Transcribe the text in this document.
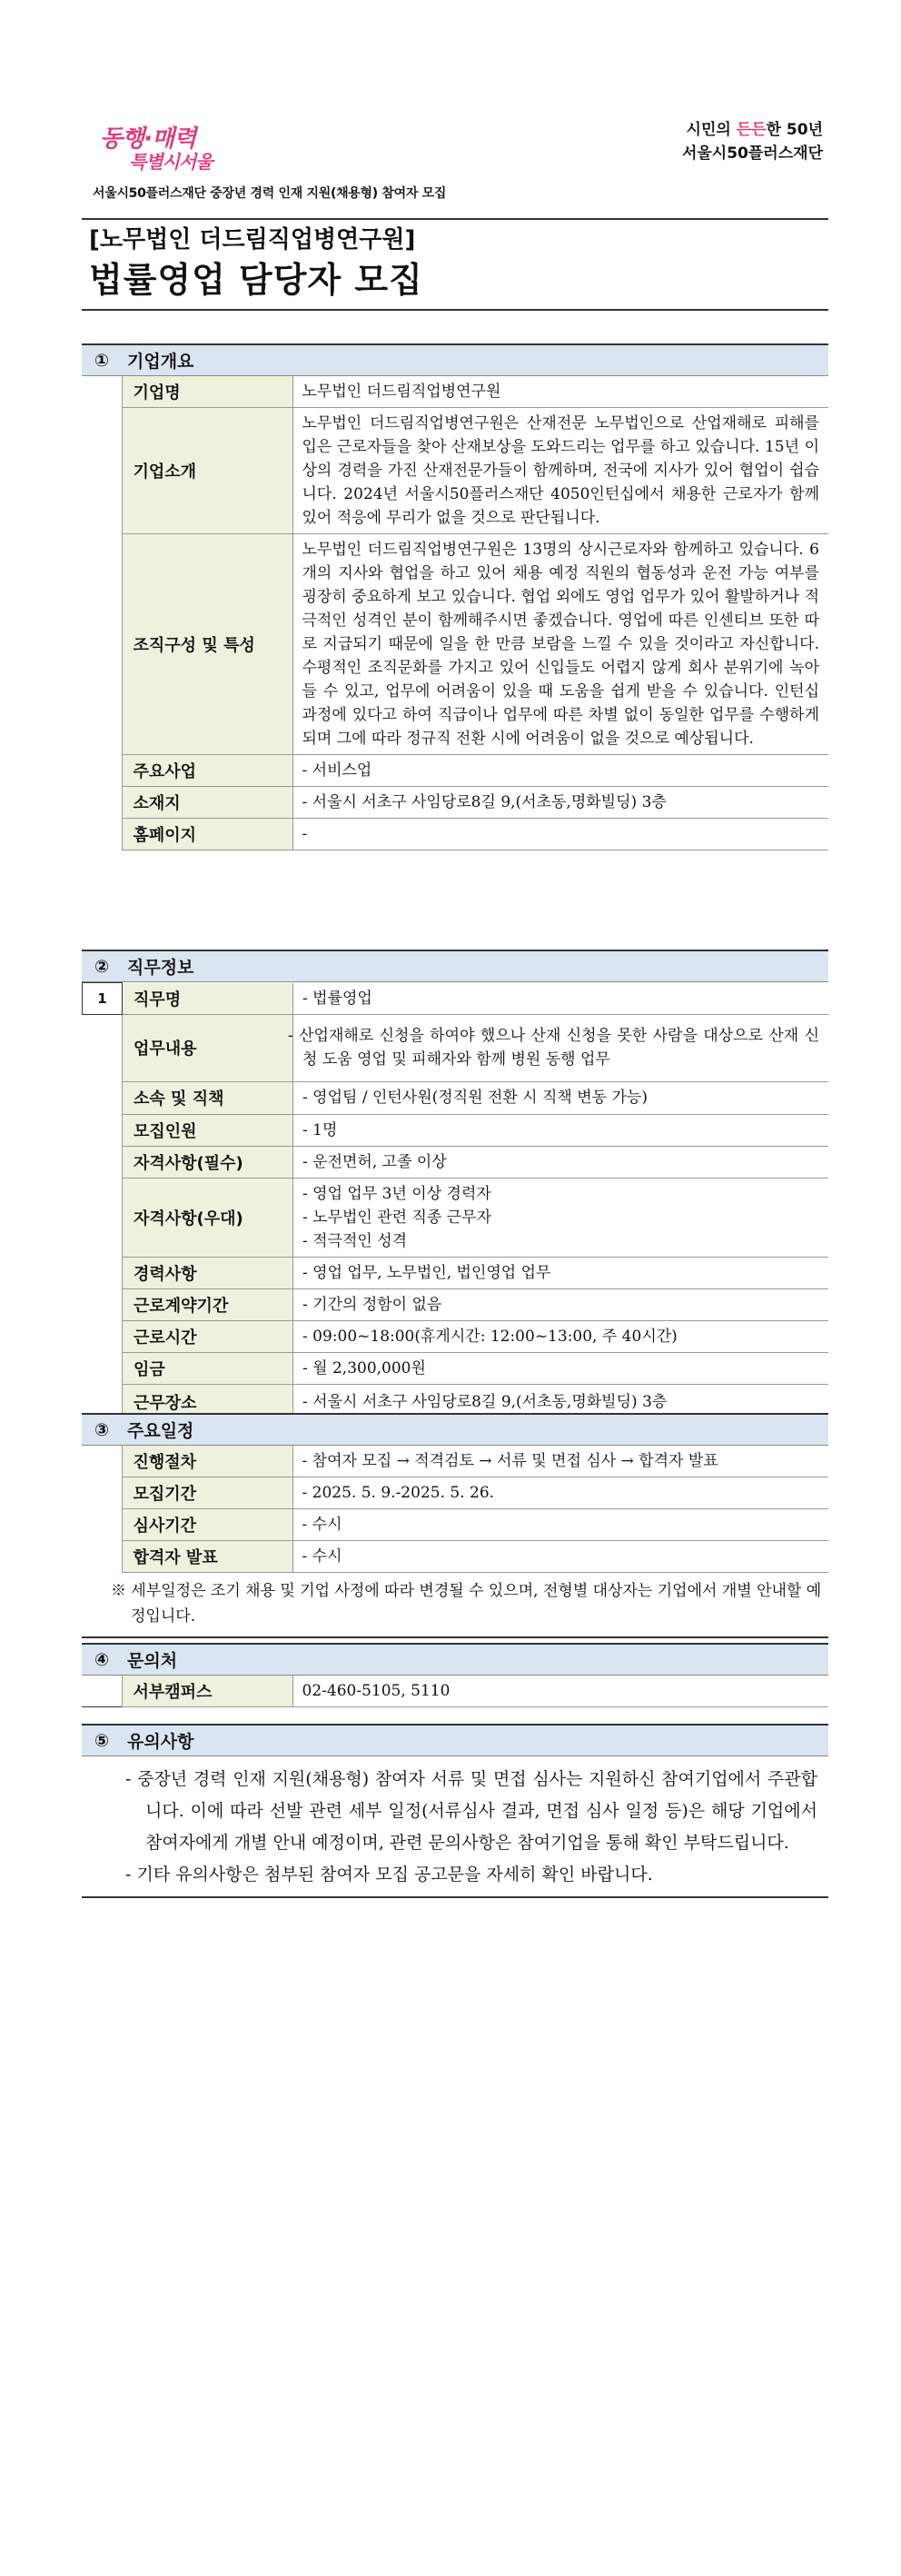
동행·매력
특별시서울
시민의 든든한 50년
서울시50플러스재단
서울시50플러스재단 중장년 경력 인재 지원(채용형) 참여자 모집
[노무법인 더드림직업병연구원]
법률영업 담당자 모집
①	기업개요
	기업명	노무법인 더드림직업병연구원
	기업소개	노무법인 더드림직업병연구원은 산재전문 노무법인으로 산업재해로 피해를 입은 근로자들을 찾아 산재보상을 도와드리는 업무를 하고 있습니다. 15년 이상의 경력을 가진 산재전문가들이 함께하며, 전국에 지사가 있어 협업이 쉽습니다. 2024년 서울시50플러스재단 4050인턴십에서 채용한 근로자가 함께 있어 적응에 무리가 없을 것으로 판단됩니다.
	조직구성 및 특성	노무법인 더드림직업병연구원은 13명의 상시근로자와 함께하고 있습니다. 6개의 지사와 협업을 하고 있어 채용 예정 직원의 협동성과 운전 가능 여부를 굉장히 중요하게 보고 있습니다. 협업 외에도 영업 업무가 있어 활발하거나 적극적인 성격인 분이 함께해주시면 좋겠습니다. 영업에 따른 인센티브 또한 따로 지급되기 때문에 일을 한 만큼 보람을 느낄 수 있을 것이라고 자신합니다. 수평적인 조직문화를 가지고 있어 신입들도 어렵지 않게 회사 분위기에 녹아들 수 있고, 업무에 어려움이 있을 때 도움을 쉽게 받을 수 있습니다. 인턴십 과정에 있다고 하여 직급이나 업무에 따른 차별 없이 동일한 업무를 수행하게 되며 그에 따라 정규직 전환 시에 어려움이 없을 것으로 예상됩니다.
	주요사업	- 서비스업
	소재지	- 서울시 서초구 사임당로8길 9,(서초동,명화빌딩) 3층
	홈페이지	-
②	직무정보
1	직무명	- 법률영업
	업무내용	- 산업재해로 신청을 하여야 했으나 산재 신청을 못한 사람을 대상으로 산재 신청 도움 영업 및 피해자와 함께 병원 동행 업무
	소속 및 직책	- 영업팀 / 인턴사원(정직원 전환 시 직책 변동 가능)
	모집인원	- 1명
	자격사항(필수)	- 운전면허, 고졸 이상
	자격사항(우대)	- 영업 업무 3년 이상 경력자
- 노무법인 관련 직종 근무자
- 적극적인 성격

	경력사항	- 영업 업무, 노무법인, 법인영업 업무
	근로계약기간	- 기간의 정함이 없음
	근로시간	- 09:00~18:00(휴게시간: 12:00~13:00, 주 40시간)
	임금	- 월 2,300,000원
	근무장소	- 서울시 서초구 사임당로8길 9,(서초동,명화빌딩) 3층
③	주요일정
	진행절차	- 참여자 모집 → 적격검토 → 서류 및 면접 심사 → 합격자 발표
	모집기간	- 2025. 5. 9.-2025. 5. 26.
	심사기간	- 수시
	합격자 발표	- 수시
※ 세부일정은 조기 채용 및 기업 사정에 따라 변경될 수 있으며, 전형별 대상자는 기업에서 개별 안내할 예정입니다.
④	문의처
	서부캠퍼스	02-460-5105, 5110
⑤	유의사항
- 중장년 경력 인재 지원(채용형) 참여자 서류 및 면접 심사는 지원하신 참여기업에서 주관합니다. 이에 따라 선발 관련 세부 일정(서류심사 결과, 면접 심사 일정 등)은 해당 기업에서 참여자에게 개별 안내 예정이며, 관련 문의사항은 참여기업을 통해 확인 부탁드립니다.
- 기타 유의사항은 첨부된 참여자 모집 공고문을 자세히 확인 바랍니다.
